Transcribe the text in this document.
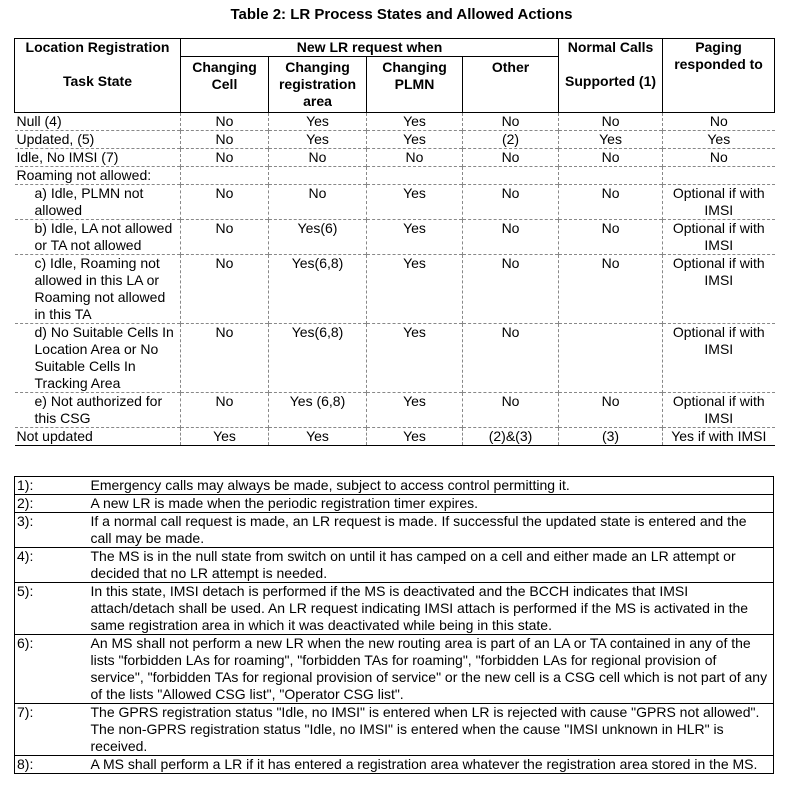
Table 2: LR Process States and Allowed Actions
Location Registration	New LR request when				Normal Calls	Paging responded to
Task State	Changing Cell	Changing registration area	Changing PLMN	Other	Supported (1)	
Null (4)	No	Yes	Yes	No	No	No
Updated, (5)	No	Yes	Yes	(2)	Yes	Yes
Idle, No IMSI (7)	No	No	No	No	No	No
Roaming not allowed:						
a) Idle, PLMN not allowed	No	No	Yes	No	No	Optional if with IMSI
b) Idle, LA not allowed or TA not allowed	No	Yes(6)	Yes	No	No	Optional if with IMSI
c) Idle, Roaming not allowed in this LA or Roaming not allowed in this TA	No	Yes(6,8)	Yes	No	No	Optional if with IMSI
d) No Suitable Cells In Location Area or No Suitable Cells In Tracking Area	No	Yes(6,8)	Yes	No		Optional if with IMSI
e) Not authorized for this CSG	No	Yes (6,8)	Yes	No	No	Optional if with IMSI
Not updated	Yes	Yes	Yes	(2)&(3)	(3)	Yes if with IMSI
1):	Emergency calls may always be made, subject to access control permitting it.
2):	A new LR is made when the periodic registration timer expires.
3):	If a normal call request is made, an LR request is made. If successful the updated state is entered and the call may be made.
4):	The MS is in the null state from switch on until it has camped on a cell and either made an LR attempt or decided that no LR attempt is needed.
5):	In this state, IMSI detach is performed if the MS is deactivated and the BCCH indicates that IMSI attach/detach shall be used. An LR request indicating IMSI attach is performed if the MS is activated in the same registration area in which it was deactivated while being in this state.
6):	An MS shall not perform a new LR when the new routing area is part of an LA or TA contained in any of the lists "forbidden LAs for roaming", "forbidden TAs for roaming", "forbidden LAs for regional provision of service", "forbidden TAs for regional provision of service" or the new cell is a CSG cell which is not part of any of the lists "Allowed CSG list", "Operator CSG list".
7):	The GPRS registration status "Idle, no IMSI" is entered when LR is rejected with cause "GPRS not allowed". The non-GPRS registration status "Idle, no IMSI" is entered when the cause "IMSI unknown in HLR" is received.
8):	A MS shall perform a LR if it has entered a registration area whatever the registration area stored in the MS.
